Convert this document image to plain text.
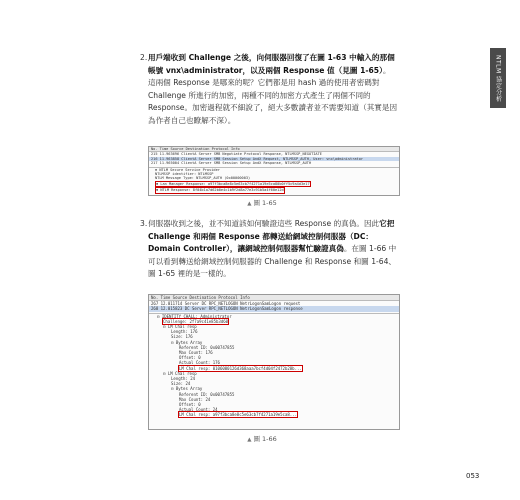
NTLM 協定分析
2. 用戶端收到 Challenge 之後，向伺服器回復了在圖 1-63 中輸入的那個帳號 vnx\administrator，以及兩個 Response 值（見圖 1-65）。這兩個 Response 是哪來的呢？它們都是用 hash 過的使用者密碼對 Challenge 所進行的加密，兩種不同的加密方式產生了兩個不同的 Response。加密過程就不細說了，絕大多數讀者並不需要知道（其實是因為作者自己也瞭解不深）。
No. Time Source Destination Protocol Info
215 11.963696 ClientA Server SMB Negotiate Protocol Response, NTLMSSP_NEGOTIATE
216 11.963858 ClientA Server SMB Session Setup AndX Request, NTLMSSP_AUTH, User: vnx\administrator
217 11.965004 ClientA Server SMB Session Setup AndX Response, NTLMSSP_AUTH
⊟ NTLM Secure Service Provider
NTLMSSP identifier: NTLMSSP
NTLM Message Type: NTLMSSP_AUTH (0x00000003)
⊞ Lan Manager Response: a97f3bca8e8c5e63cb7f4271a19e5ca80b0ff5c9a4d3e17
⊞ NTLM Response: 8f04b1a7d62b0e4c1b9f2d8a77e3c91b5a4f60e12d
▲ 圖 1-65
3. 伺服器收到之後，並不知道該如何驗證這些 Response 的真偽。因此它把 Challenge 和兩個 Response 都轉送給網域控制伺服器（DC：Domain Controller），讓網域控制伺服器幫忙驗證真偽。在圖 1-66 中可以看到轉送給網域控制伺服器的 Challenge 和 Response 和圖 1-64、圖 1-65 裡的是一樣的。
No. Time Source Destination Protocol Info
267 12.011714 Server DC RPC_NETLOGON NetrLogonSamLogon request
268 12.015823 DC Server RPC_NETLOGON NetrLogonSamLogon response
⊟ IDENTITY_CHALL: Administrator
Challenge: 2f7a9c41e85b3d60
⊟ LM Chal resp
Length: 176
Size: 176
⊟ Bytes Array
Referent ID: 0x00747855
Max Count: 176
Offset: 0
Actual Count: 176
LM Chal resp: 0106000126d368aaa7bcf4d04f2472b28b...
⊟ LM Chal resp
Length: 24
Size: 24
⊟ Bytes Array
Referent ID: 0x00747855
Max Count: 24
Offset: 0
Actual Count: 24
LM Chal resp: a97f3bca8e8c5e63cb7f4271a19e5ca8...
▲ 圖 1-66
053
